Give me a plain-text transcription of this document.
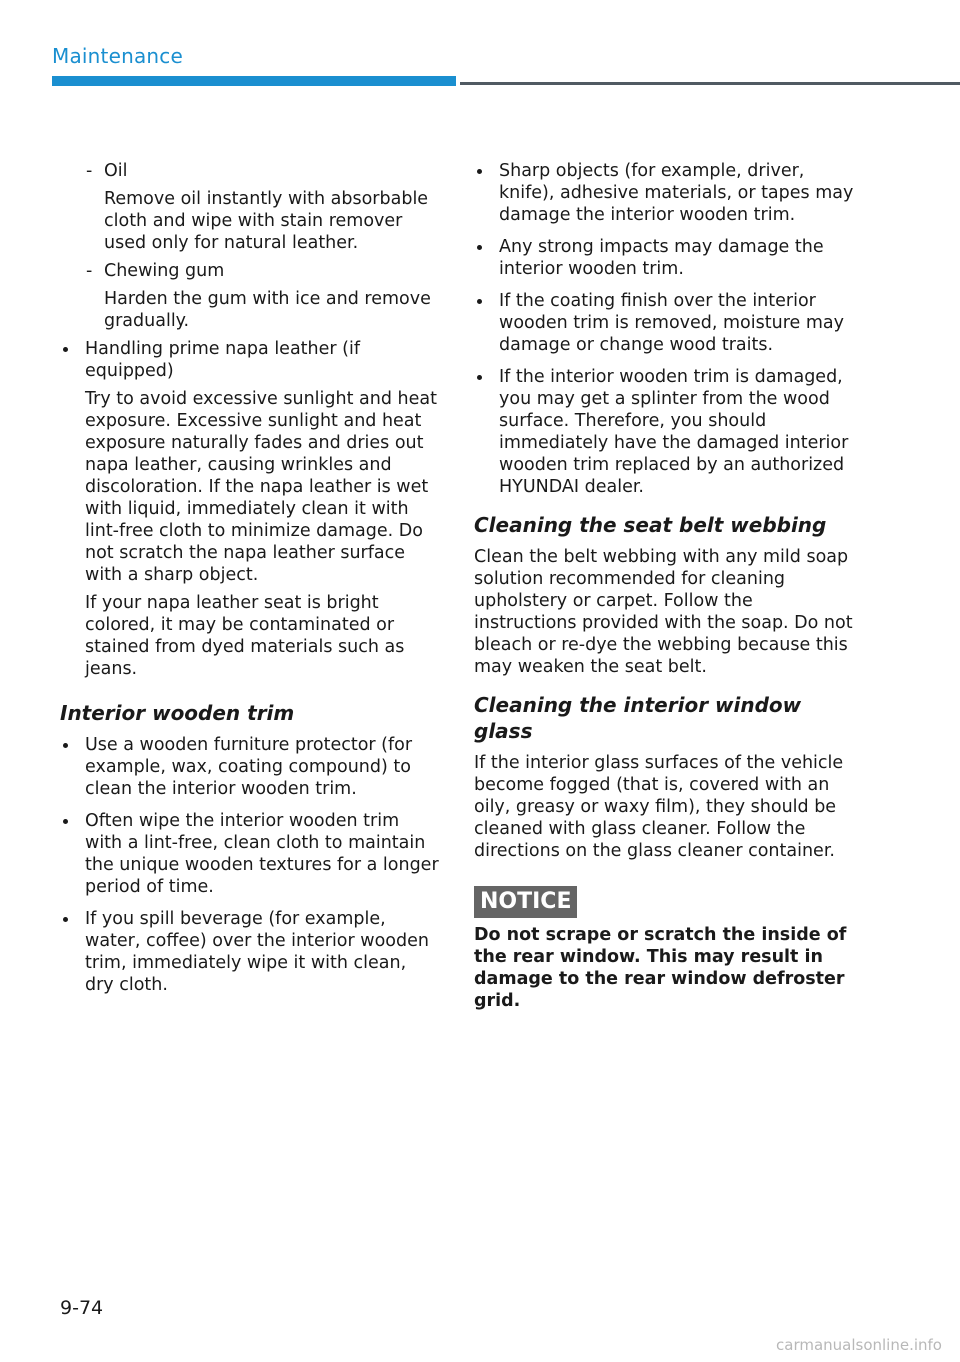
Maintenance
- Oil

Remove oil instantly with absorbable cloth and wipe with stain remover used only for natural leather.

- Chewing gum

Harden the gum with ice and remove gradually.

Handling prime napa leather (if equipped)

Try to avoid excessive sunlight and heat exposure. Excessive sunlight and heat exposure naturally fades and dries out napa leather, causing wrinkles and discoloration. If the napa leather is wet with liquid, immediately clean it with lint-free cloth to minimize damage. Do not scratch the napa leather surface with a sharp object.

If your napa leather seat is bright colored, it may be contaminated or stained from dyed materials such as jeans.

Interior wooden trim
Use a wooden furniture protector (for example, wax, coating compound) to clean the interior wooden trim.
Often wipe the interior wooden trim with a lint-free, clean cloth to maintain the unique wooden textures for a longer period of time.
If you spill beverage (for example, water, coffee) over the interior wooden trim, immediately wipe it with clean, dry cloth.
Sharp objects (for example, driver, knife), adhesive materials, or tapes may damage the interior wooden trim.
Any strong impacts may damage the interior wooden trim.
If the coating finish over the interior wooden trim is removed, moisture may damage or change wood traits.
If the interior wooden trim is damaged, you may get a splinter from the wood surface. Therefore, you should immediately have the damaged interior wooden trim replaced by an authorized HYUNDAI dealer.
Cleaning the seat belt webbing

Clean the belt webbing with any mild soap solution recommended for cleaning upholstery or carpet. Follow the instructions provided with the soap. Do not bleach or re-dye the webbing because this may weaken the seat belt.

Cleaning the interior window glass

If the interior glass surfaces of the vehicle become fogged (that is, covered with an oily, greasy or waxy film), they should be cleaned with glass cleaner. Follow the directions on the glass cleaner container.

NOTICE

Do not scrape or scratch the inside of the rear window. This may result in damage to the rear window defroster grid.

9-74
carmanualsonline.info
